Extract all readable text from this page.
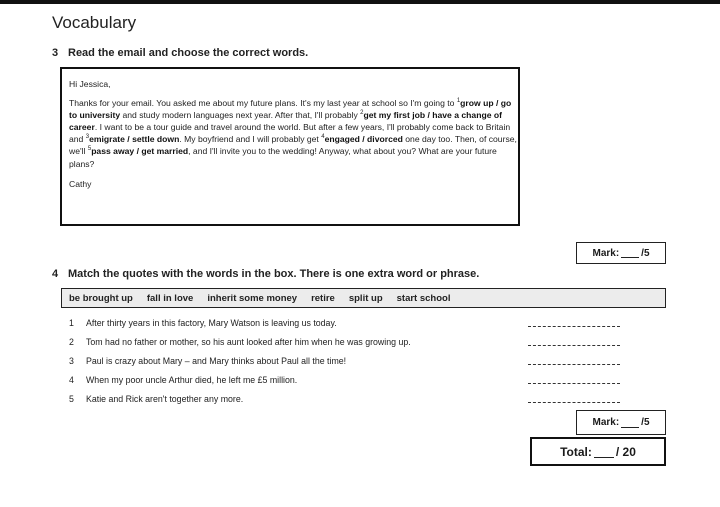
Vocabulary
3 Read the email and choose the correct words.
Hi Jessica,
Thanks for your email. You asked me about my future plans. It's my last year at school so I'm going to $^1$grow up / go to university and study modern languages next year. After that, I'll probably $^2$get my first job / have a change of career. I want to be a tour guide and travel around the world. But after a few years, I'll probably come back to Britain and $^3$emigrate / settle down. My boyfriend and I will probably get $^4$engaged / divorced one day too. Then, of course, we'll $^5$pass away / get married, and I'll invite you to the wedding! Anyway, what about you? What are your future plans?
Cathy
Mark: /5
4 Match the quotes with the words in the box. There is one extra word or phrase.
be brought up fall in love inherit some money retire split up start school
1 After thirty years in this factory, Mary Watson is leaving us today.
2 Tom had no father or mother, so his aunt looked after him when he was growing up.
3 Paul is crazy about Mary – and Mary thinks about Paul all the time!
4 When my poor uncle Arthur died, he left me £5 million.
5 Katie and Rick aren't together any more.
Mark: /5
Total: / 20
